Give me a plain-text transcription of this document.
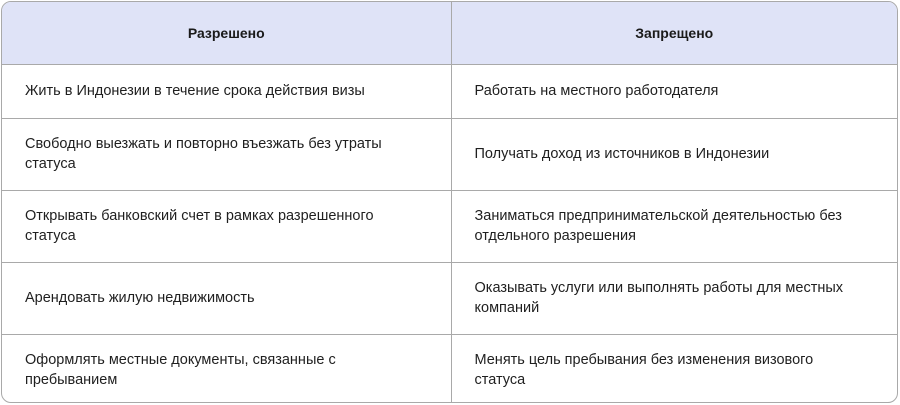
Разрешено	Запрещено
Жить в Индонезии в течение срока действия визы	Работать на местного работодателя
Свободно выезжать и повторно въезжать без утраты статуса	Получать доход из источников в Индонезии
Открывать банковский счет в рамках разрешенного статуса	Заниматься предпринимательской деятельностью без отдельного разрешения
Арендовать жилую недвижимость	Оказывать услуги или выполнять работы для местных компаний
Оформлять местные документы, связанные с пребыванием	Менять цель пребывания без изменения визового статуса
